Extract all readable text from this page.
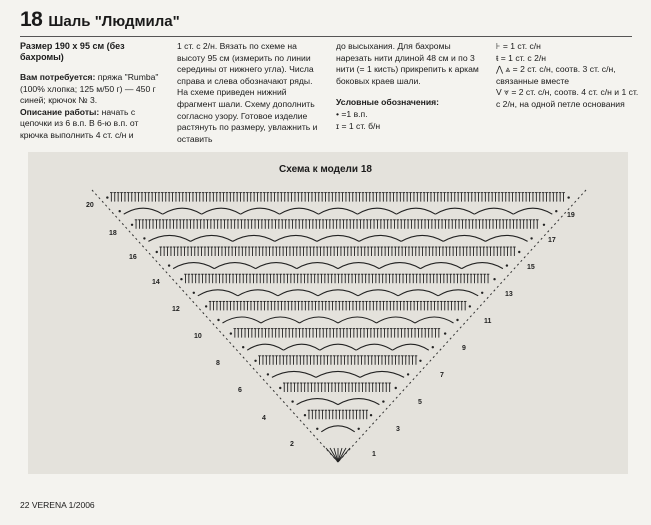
18 Шаль "Людмила"

Размер 190 х 95 см (без бахромы)

Вам потребуется: пряжа "Rumba" (100% хлопка; 125 м/50 г) — 450 г синей; крючок № 3.

Описание работы: начать с цепочки из 6 в.п. В 6-ю в.п. от крючка выполнить 4 ст. с/н и

1 ст. с 2/н. Вязать по схеме на высоту 95 см (измерить по линии середины от нижнего угла). Числа справа и слева обозначают ряды. На схеме приведен нижний фрагмент шали. Схему дополнить согласно узору. Готовое изделие растянуть по размеру, увлажнить и оставить

до высыхания. Для бахромы нарезать нити длиной 48 см и по 3 нити (= 1 кисть) прикрепить к аркам боковых краев шали.

Условные обозначения:

• =1 в.п.

ɪ = 1 ст. б/н

⊦ = 1 ст. с/н

ŧ = 1 ст. с 2/н

⋀ ⩓ = 2 ст. с/н, соотв. 3 ст. с/н, связанные вместе

V ⩔ = 2 ст. с/н, соотв. 4 ст. с/н и 1 ст. с 2/н, на одной петле основания

Схема к модели 18
20
18
16
14
12
10
8
6
4
2
19
17
15
13
11
9
7
5
3
1
22 VERENA 1/2006
